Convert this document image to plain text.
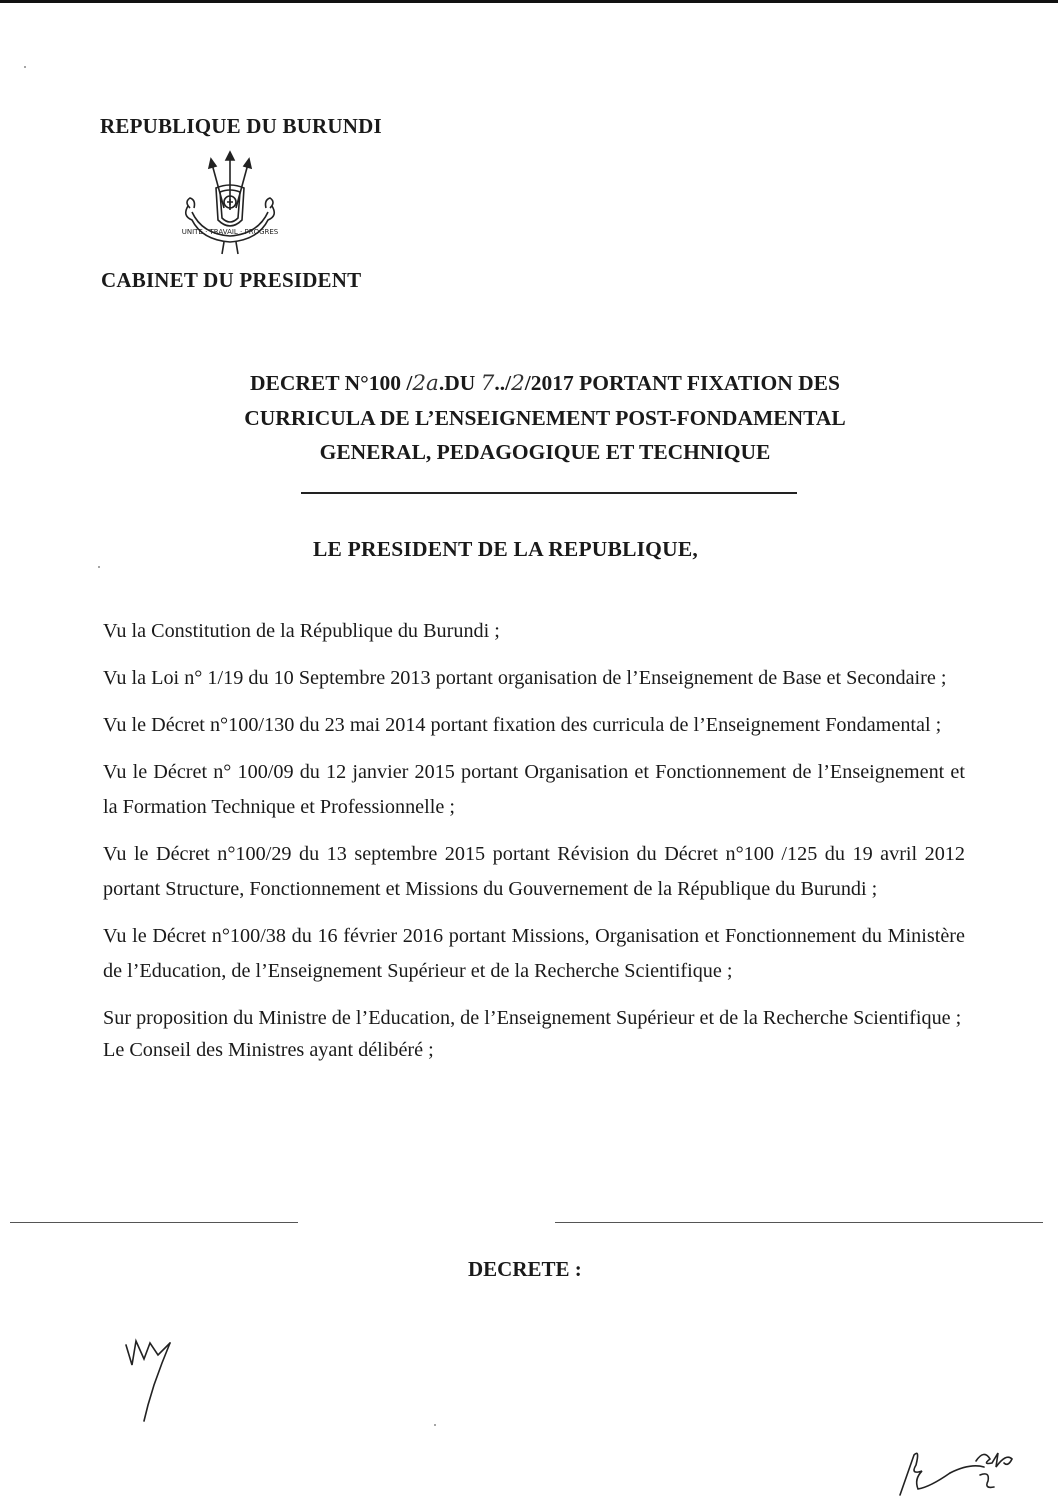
REPUBLIQUE DU BURUNDI
UNITE · TRAVAIL · PROGRES
CABINET DU PRESIDENT
DECRET N°100 /2a.DU 7../2/2017 PORTANT FIXATION DES
CURRICULA DE L’ENSEIGNEMENT POST-FONDAMENTAL
GENERAL, PEDAGOGIQUE ET TECHNIQUE
LE PRESIDENT DE LA REPUBLIQUE,

Vu la Constitution de la République du Burundi ;

Vu la Loi n° 1/19 du 10 Septembre 2013 portant organisation de l’Enseignement de Base et Secondaire ;

Vu le Décret n°100/130 du 23 mai 2014 portant fixation des curricula de l’Enseignement Fondamental ;

Vu le Décret n° 100/09 du 12 janvier 2015 portant Organisation et Fonctionnement de l’Enseignement et la Formation Technique et Professionnelle ;

Vu le Décret n°100/29 du 13 septembre 2015 portant Révision du Décret n°100 /125 du 19 avril 2012 portant Structure, Fonctionnement et Missions du Gouvernement de la République du Burundi ;

Vu le Décret n°100/38 du 16 février 2016 portant Missions, Organisation et Fonctionnement du Ministère de l’Education, de l’Enseignement Supérieur et de la Recherche Scientifique ;

Sur proposition du Ministre de l’Education, de l’Enseignement Supérieur et de la Recherche Scientifique ;

Le Conseil des Ministres ayant délibéré ;

DECRETE :
